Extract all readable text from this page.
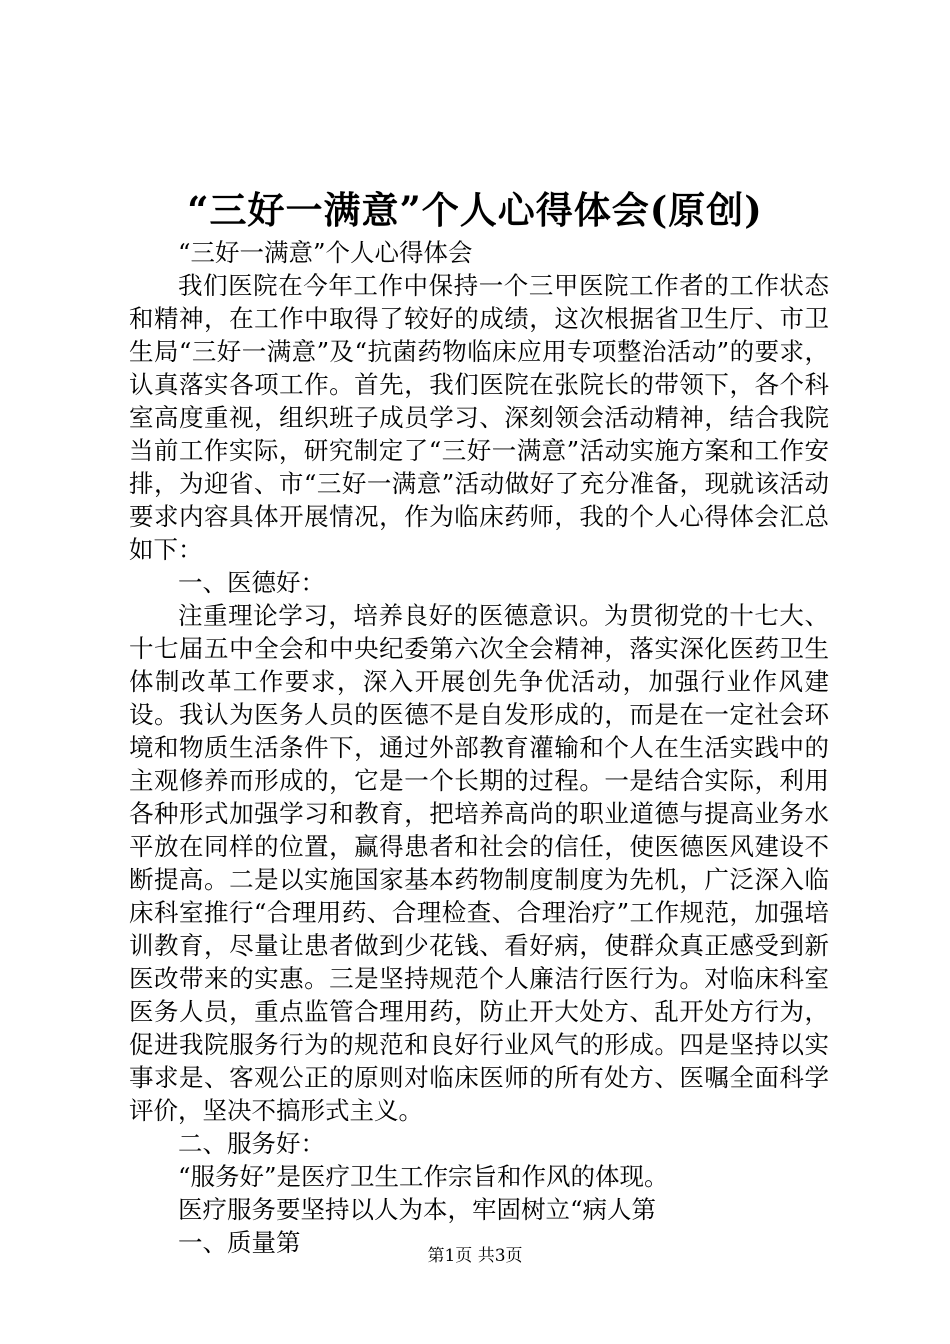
“三好一满意”个人心得体会(原创)

“三好一满意”个人心得体会

我们医院在今年工作中保持一个三甲医院工作者的工作状态和精神，在工作中取得了较好的成绩，这次根据省卫生厅、市卫生局“三好一满意”及“抗菌药物临床应用专项整治活动”的要求，认真落实各项工作。首先，我们医院在张院长的带领下，各个科室高度重视，组织班子成员学习、深刻领会活动精神，结合我院当前工作实际，研究制定了“三好一满意”活动实施方案和工作安排，为迎省、市“三好一满意”活动做好了充分准备，现就该活动要求内容具体开展情况，作为临床药师，我的个人心得体会汇总如下：

一、医德好：

注重理论学习，培养良好的医德意识。为贯彻党的十七大、十七届五中全会和中央纪委第六次全会精神，落实深化医药卫生体制改革工作要求，深入开展创先争优活动，加强行业作风建设。我认为医务人员的医德不是自发形成的，而是在一定社会环境和物质生活条件下，通过外部教育灌输和个人在生活实践中的主观修养而形成的，它是一个长期的过程。一是结合实际，利用各种形式加强学习和教育，把培养高尚的职业道德与提高业务水平放在同样的位置，赢得患者和社会的信任，使医德医风建设不断提高。二是以实施国家基本药物制度制度为先机，广泛深入临床科室推行“合理用药、合理检查、合理治疗”工作规范，加强培训教育，尽量让患者做到少花钱、看好病，使群众真正感受到新医改带来的实惠。三是坚持规范个人廉洁行医行为。对临床科室医务人员，重点监管合理用药，防止开大处方、乱开处方行为，促进我院服务行为的规范和良好行业风气的形成。四是坚持以实事求是、客观公正的原则对临床医师的所有处方、医嘱全面科学评价，坚决不搞形式主义。

二、服务好：

“服务好”是医疗卫生工作宗旨和作风的体现。

医疗服务要坚持以人为本，牢固树立“病人第

一、质量第	第1页 共3页
